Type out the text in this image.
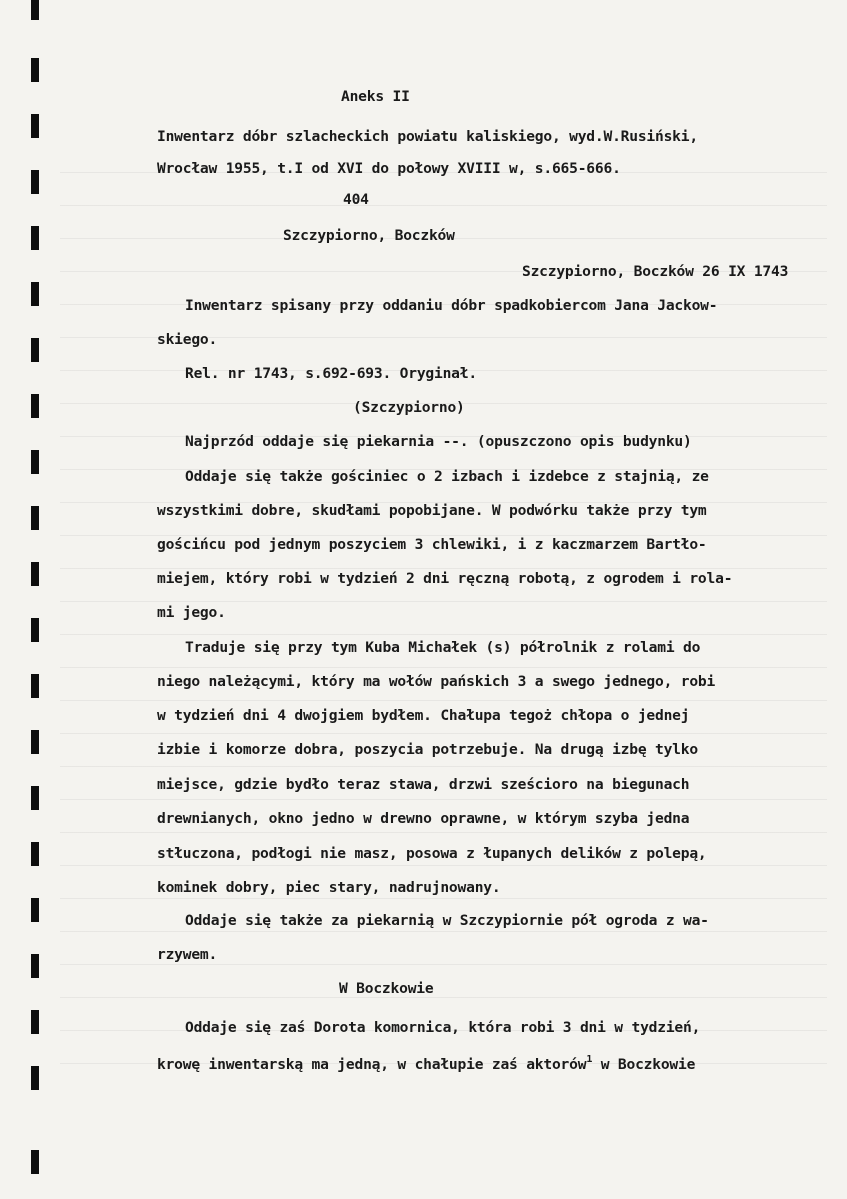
Aneks II
Inwentarz dóbr szlacheckich powiatu kaliskiego, wyd.W.Rusiński,
Wrocław 1955, t.I od XVI do połowy XVIII w, s.665-666.
404
Szczypiorno, Boczków
Szczypiorno, Boczków 26 IX 1743
Inwentarz spisany przy oddaniu dóbr spadkobiercom Jana Jackow-
skiego.
Rel. nr 1743, s.692-693. Oryginał.
(Szczypiorno)
Najprzód oddaje się piekarnia --. (opuszczono opis budynku)
Oddaje się także gościniec o 2 izbach i izdebce z stajnią, ze
wszystkimi dobre, skudłami popobijane. W podwórku także przy tym
gościńcu pod jednym poszyciem 3 chlewiki, i z kaczmarzem Bartło-
miejem, który robi w tydzień 2 dni ręczną robotą, z ogrodem i rola-
mi jego.
Traduje się przy tym Kuba Michałek (s) półrolnik z rolami do
niego należącymi, który ma wołów pańskich 3 a swego jednego, robi
w tydzień dni 4 dwojgiem bydłem. Chałupa tegoż chłopa o jednej
izbie i komorze dobra, poszycia potrzebuje. Na drugą izbę tylko
miejsce, gdzie bydło teraz stawa, drzwi sześcioro na biegunach
drewnianych, okno jedno w drewno oprawne, w którym szyba jedna
stłuczona, podłogi nie masz, posowa z łupanych delików z polepą,
kominek dobry, piec stary, nadrujnowany.
Oddaje się także za piekarnią w Szczypiornie pół ogroda z wa-
rzywem.
W Boczkowie
Oddaje się zaś Dorota komornica, która robi 3 dni w tydzień,
krowę inwentarską ma jedną, w chałupie zaś aktorów$^1$ w Boczkowie
